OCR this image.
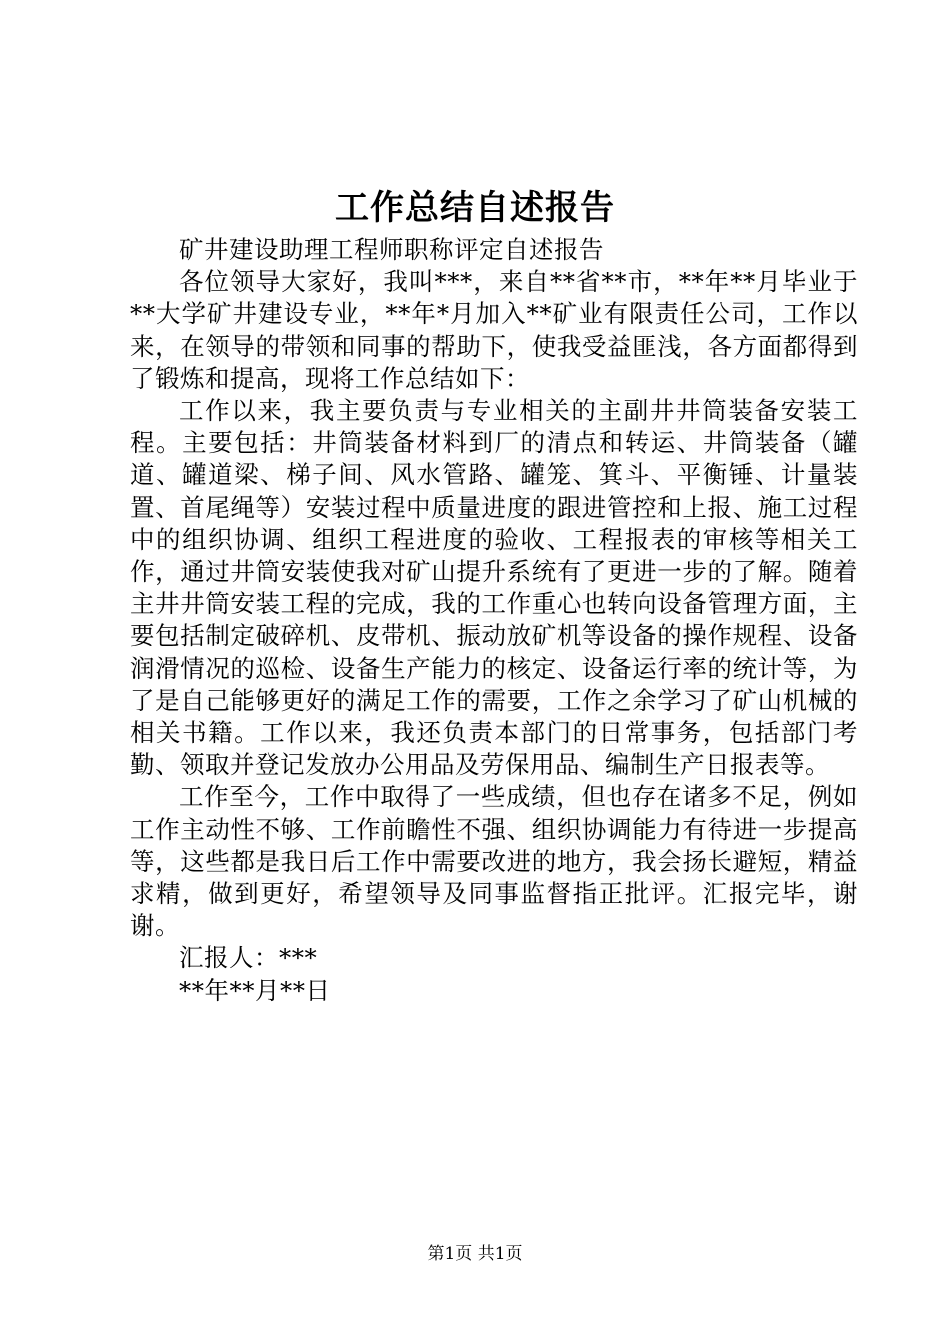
工作总结自述报告

矿井建设助理工程师职称评定自述报告

各位领导大家好，我叫***，来自**省**市，**年**月毕业于**大学矿井建设专业，**年*月加入**矿业有限责任公司，工作以来，在领导的带领和同事的帮助下，使我受益匪浅，各方面都得到了锻炼和提高，现将工作总结如下：

工作以来，我主要负责与专业相关的主副井井筒装备安装工程。主要包括：井筒装备材料到厂的清点和转运、井筒装备（罐道、罐道梁、梯子间、风水管路、罐笼、箕斗、平衡锤、计量装置、首尾绳等）安装过程中质量进度的跟进管控和上报、施工过程中的组织协调、组织工程进度的验收、工程报表的审核等相关工作，通过井筒安装使我对矿山提升系统有了更进一步的了解。随着主井井筒安装工程的完成，我的工作重心也转向设备管理方面，主要包括制定破碎机、皮带机、振动放矿机等设备的操作规程、设备润滑情况的巡检、设备生产能力的核定、设备运行率的统计等，为了是自己能够更好的满足工作的需要，工作之余学习了矿山机械的相关书籍。工作以来，我还负责本部门的日常事务，包括部门考勤、领取并登记发放办公用品及劳保用品、编制生产日报表等。

工作至今，工作中取得了一些成绩，但也存在诸多不足，例如工作主动性不够、工作前瞻性不强、组织协调能力有待进一步提高等，这些都是我日后工作中需要改进的地方，我会扬长避短，精益求精，做到更好，希望领导及同事监督指正批评。汇报完毕，谢谢。

汇报人：***

**年**月**日

第1页 共1页
